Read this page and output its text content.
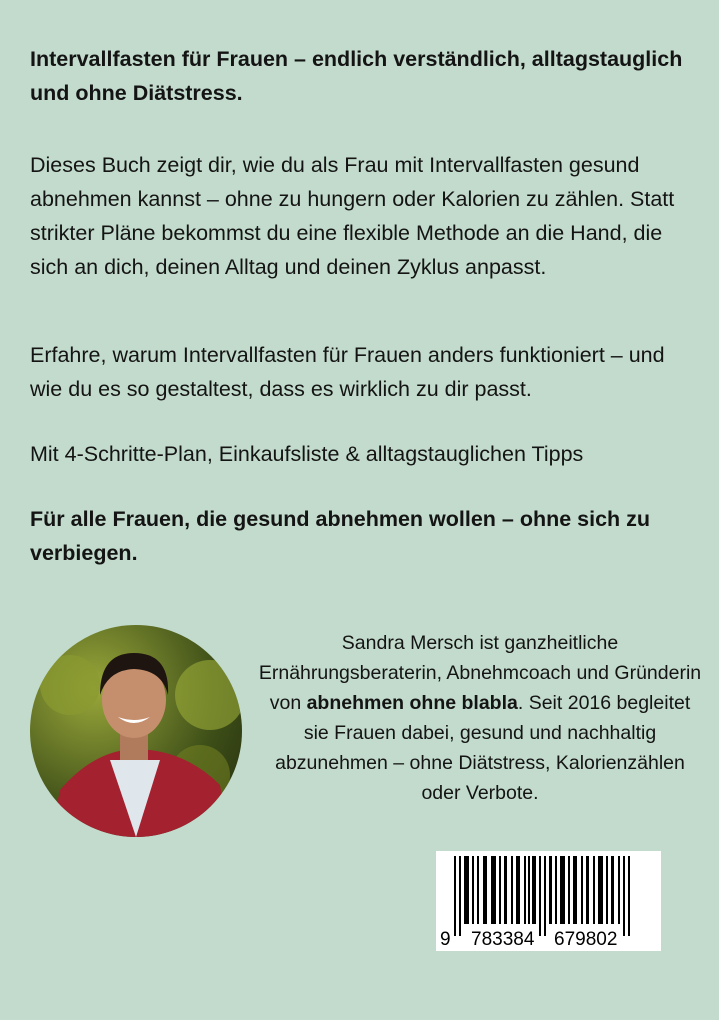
Intervallfasten für Frauen – endlich verständlich, alltagstauglich und ohne Diätstress.
Dieses Buch zeigt dir, wie du als Frau mit Intervallfasten gesund abnehmen kannst – ohne zu hungern oder Kalorien zu zählen. Statt strikter Pläne bekommst du eine flexible Methode an die Hand, die sich an dich, deinen Alltag und deinen Zyklus anpasst.
Erfahre, warum Intervallfasten für Frauen anders funktioniert – und wie du es so gestaltest, dass es wirklich zu dir passt.
Mit 4-Schritte-Plan, Einkaufsliste & alltagstauglichen Tipps
Für alle Frauen, die gesund abnehmen wollen – ohne sich zu verbiegen.
Sandra Mersch ist ganzheitliche Ernährungsberaterin, Abnehmcoach und Gründerin von abnehmen ohne blabla. Seit 2016 begleitet sie Frauen dabei, gesund und nachhaltig abzunehmen – ohne Diätstress, Kalorienzählen oder Verbote.
9 783384 679802
